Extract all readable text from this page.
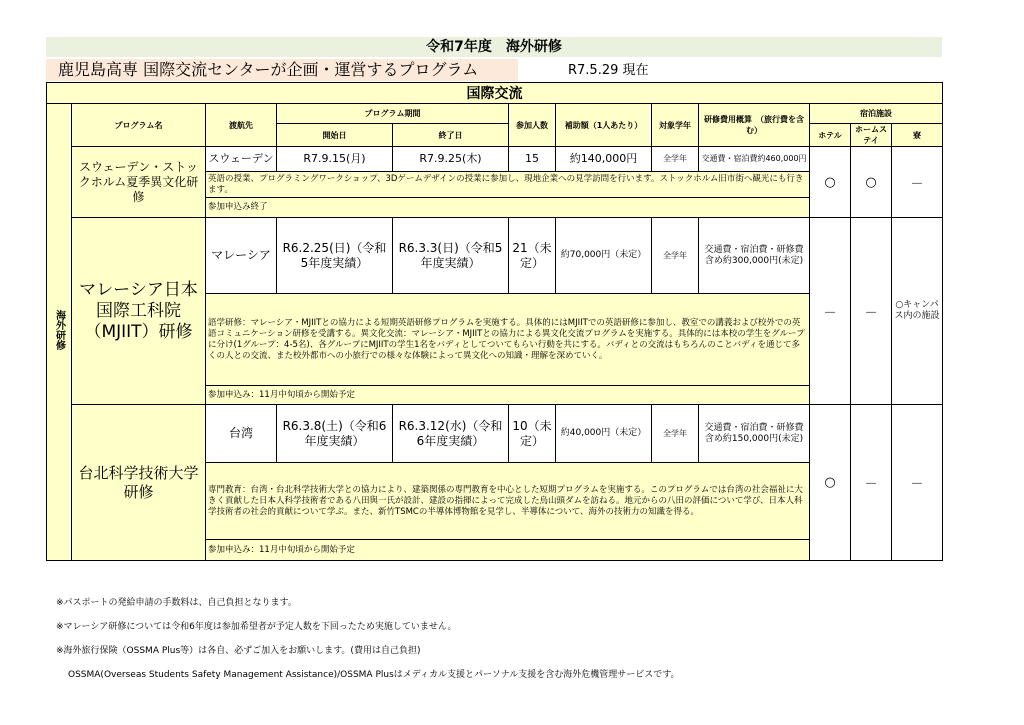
令和7年度　海外研修
鹿児島高専 国際交流センターが企画・運営するプログラム	R7.5.29 現在
国際交流											
海外研修	プログラム名	渡航先	プログラム期間		参加人数	補助額（1人あたり）	対象学年	研修費用概算　（旅行費を含む）	宿泊施設		
			開始日	終了日					ホテル	ホームステイ	寮
	スウェーデン・ストックホルム夏季異文化研修	スウェーデン	R7.9.15(月)	R7.9.25(木)	15	約140,000円	全学年	交通費・宿泊費約460,000円	○	○	－
		英語の授業、プログラミングワークショップ、3Dゲームデザインの授業に参加し、現地企業への見学訪問を行います。ストックホルム旧市街へ観光にも行きます。									
		参加申込み終了									
	マレーシア日本国際工科院（MJIIT）研修	マレーシア	R6.2.25(日)（令和5年度実績）	R6.3.3(日)（令和5年度実績）	21（未定）	約70,000円（未定）	全学年	交通費・宿泊費・研修費含め約300,000円(未定)	－	－	○キャンパス内の施設
		語学研修：マレーシア・MJIITとの協力による短期英語研修プログラムを実施する。具体的にはMJIITでの英語研修に参加し、教室での講義および校外での英語コミュニケーション研修を受講する。異文化交流：マレーシア・MJIITとの協力による異文化交流プログラムを実施する。具体的には本校の学生をグループに分け(1グループ：4-5名)、各グループにMJIITの学生1名をバディとしてついてもらい行動を共にする。バディとの交流はもちろんのことバディを通じて多くの人との交流、また校外都市への小旅行での様々な体験によって異文化への知識・理解を深めていく。									
		参加申込み：11月中旬頃から開始予定									
	台北科学技術大学研修	台湾	R6.3.8(土)（令和6年度実績）	R6.3.12(水)（令和6年度実績）	10（未定）	約40,000円（未定）	全学年	交通費・宿泊費・研修費含め約150,000円(未定)	○	－	－
		専門教育：台湾・台北科学技術大学との協力により、建築関係の専門教育を中心とした短期プログラムを実施する。このプログラムでは台湾の社会福祉に大きく貢献した日本人科学技術者である八田與一氏が設計、建設の指揮によって完成した烏山頭ダムを訪ねる。地元からの八田の評価について学び、日本人科学技術者の社会的貢献について学ぶ。また、新竹TSMCの半導体博物館を見学し、半導体について、海外の技術力の知識を得る。									
		参加申込み：11月中旬頃から開始予定									
※パスポートの発給申請の手数料は、自己負担となります。
※マレーシア研修については令和6年度は参加希望者が予定人数を下回ったため実施していません。
※海外旅行保険（OSSMA Plus等）は各自、必ずご加入をお願いします。(費用は自己負担)
OSSMA(Overseas Students Safety Management Assistance)/OSSMA Plusはメディカル支援とパーソナル支援を含む海外危機管理サービスです。
